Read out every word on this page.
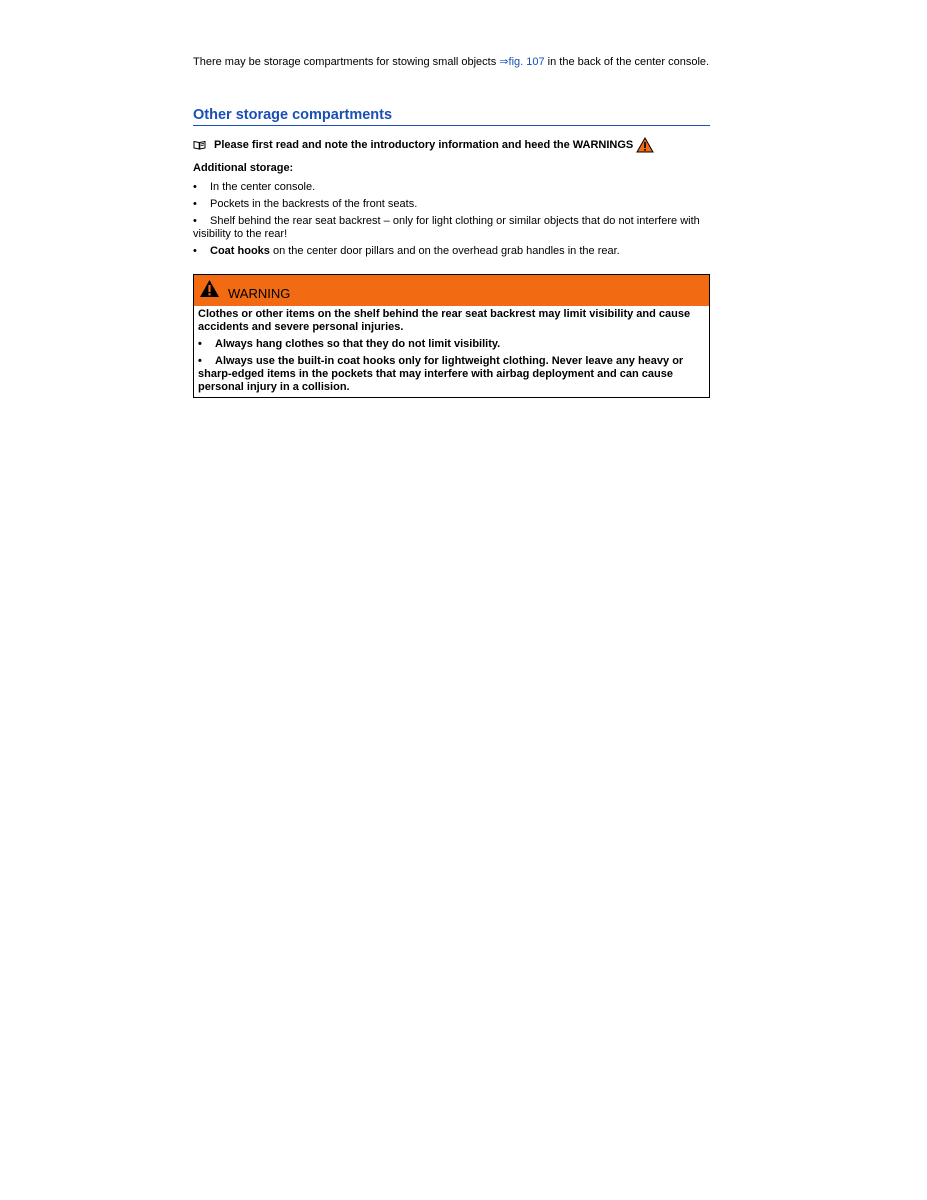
There may be storage compartments for stowing small objects ⇒fig. 107 in the back of the center console.

Other storage compartments
Please first read and note the introductory information and heed the WARNINGS
Additional storage:
• In the center console.
• Pockets in the backrests of the front seats.
• Shelf behind the rear seat backrest – only for light clothing or similar objects that do not interfere with visibility to the rear!
• Coat hooks on the center door pillars and on the overhead grab handles in the rear.
WARNING

Clothes or other items on the shelf behind the rear seat backrest may limit visibility and cause accidents and severe personal injuries.

• Always hang clothes so that they do not limit visibility.

• Always use the built-in coat hooks only for lightweight clothing. Never leave any heavy or sharp-edged items in the pockets that may interfere with airbag deployment and can cause personal injury in a collision.
